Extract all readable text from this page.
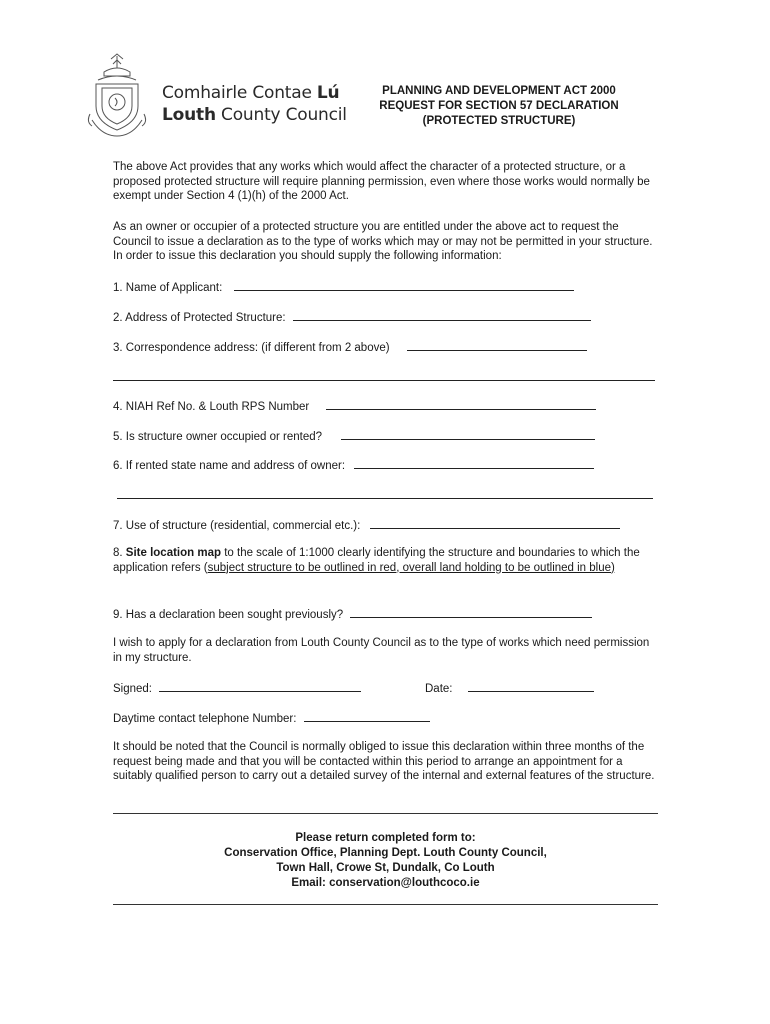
Comhairle Contae Lú
Louth County Council
PLANNING AND DEVELOPMENT ACT 2000
REQUEST FOR SECTION 57 DECLARATION
(PROTECTED STRUCTURE)
The above Act provides that any works which would affect the character of a protected structure, or a proposed protected structure will require planning permission, even where those works would normally be exempt under Section 4 (1)(h) of the 2000 Act.
As an owner or occupier of a protected structure you are entitled under the above act to request the Council to issue a declaration as to the type of works which may or may not be permitted in your structure. In order to issue this declaration you should supply the following information:
1. Name of Applicant:
2. Address of Protected Structure:
3. Correspondence address: (if different from 2 above)
4. NIAH Ref No. & Louth RPS Number
5. Is structure owner occupied or rented?
6. If rented state name and address of owner:
7. Use of structure (residential, commercial etc.):
8. Site location map to the scale of 1:1000 clearly identifying the structure and boundaries to which the application refers (subject structure to be outlined in red, overall land holding to be outlined in blue)
9. Has a declaration been sought previously?
I wish to apply for a declaration from Louth County Council as to the type of works which need permission in my structure.
Signed:	Date:
Daytime contact telephone Number:
It should be noted that the Council is normally obliged to issue this declaration within three months of the request being made and that you will be contacted within this period to arrange an appointment for a suitably qualified person to carry out a detailed survey of the internal and external features of the structure.
Please return completed form to:
Conservation Office, Planning Dept. Louth County Council,
Town Hall, Crowe St, Dundalk, Co Louth
Email: conservation@louthcoco.ie
